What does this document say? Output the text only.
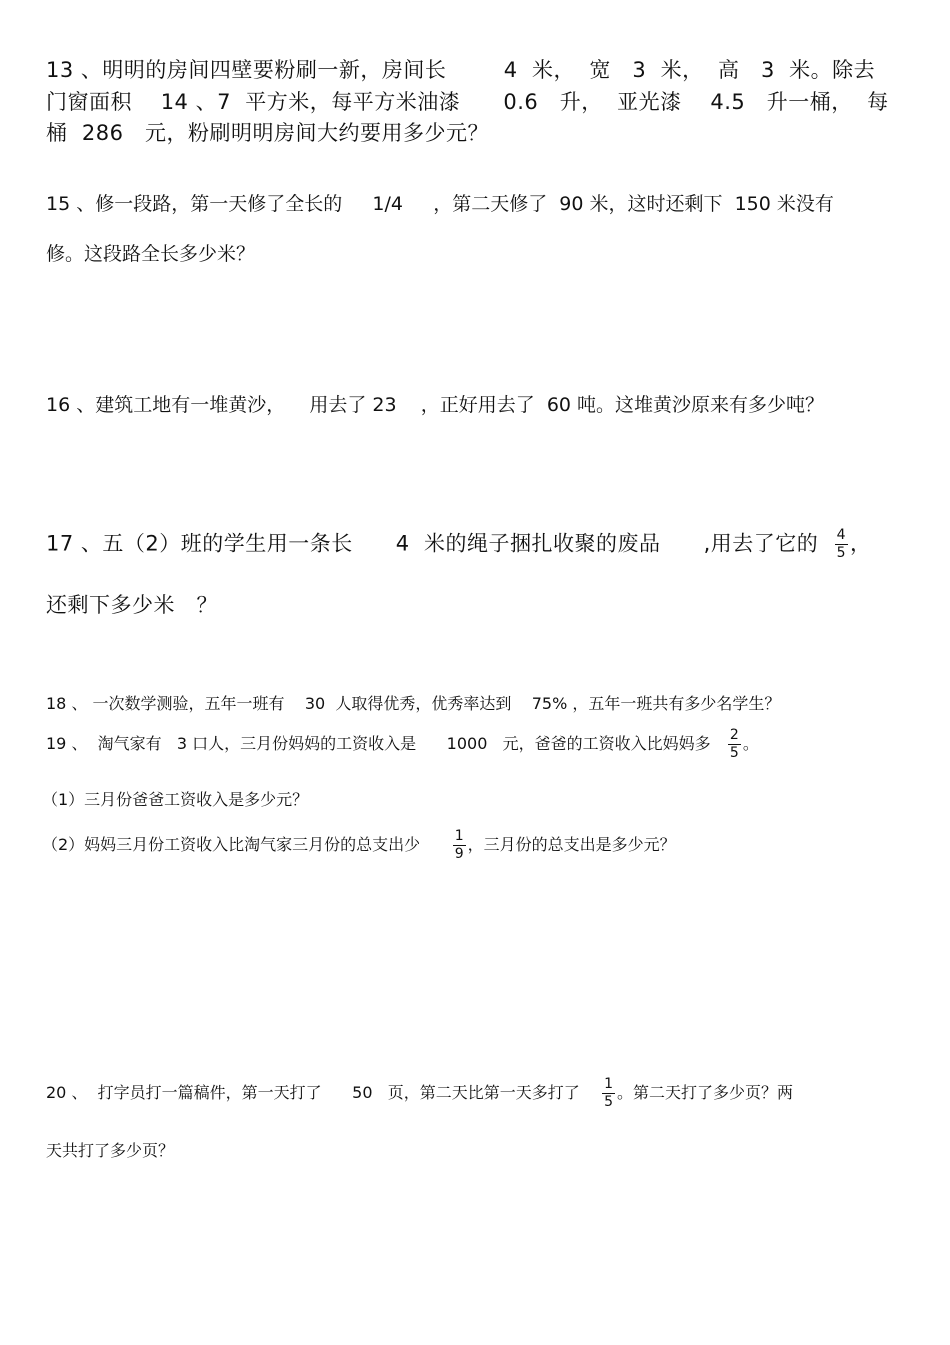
13 、明明的房间四壁要粉刷一新，房间长        4  米，  宽   3  米，  高   3  米。除去
门窗面积    14 、7  平方米，每平方米油漆      0.6   升，  亚光漆    4.5   升一桶，  每
桶  286   元，粉刷明明房间大约要用多少元？
15 、修一段路，第一天修了全长的     1/4     ，第二天修了  90 米，这时还剩下  150 米没有
修。这段路全长多少米？
16 、建筑工地有一堆黄沙，    用去了 23    ，正好用去了  60 吨。这堆黄沙原来有多少吨？
17 、五（2）班的学生用一条长      4  米的绳子捆扎收聚的废品      ,用去了它的 $\frac{4}{5}$ ，
还剩下多少米   ？
18 、 一次数学测验，五年一班有    30  人取得优秀，优秀率达到    75% ，五年一班共有多少名学生？
19 、  淘气家有   3 口人，三月份妈妈的工资收入是      1000   元，爸爸的工资收入比妈妈多 $\frac{2}{5}$ 。
（1）三月份爸爸工资收入是多少元？
（2）妈妈三月份工资收入比淘气家三月份的总支出少 $\frac{1}{9}$ ，三月份的总支出是多少元？
20 、  打字员打一篇稿件，第一天打了      50   页，第二天比第一天多打了 $\frac{1}{5}$ 。第二天打了多少页？两
天共打了多少页？
